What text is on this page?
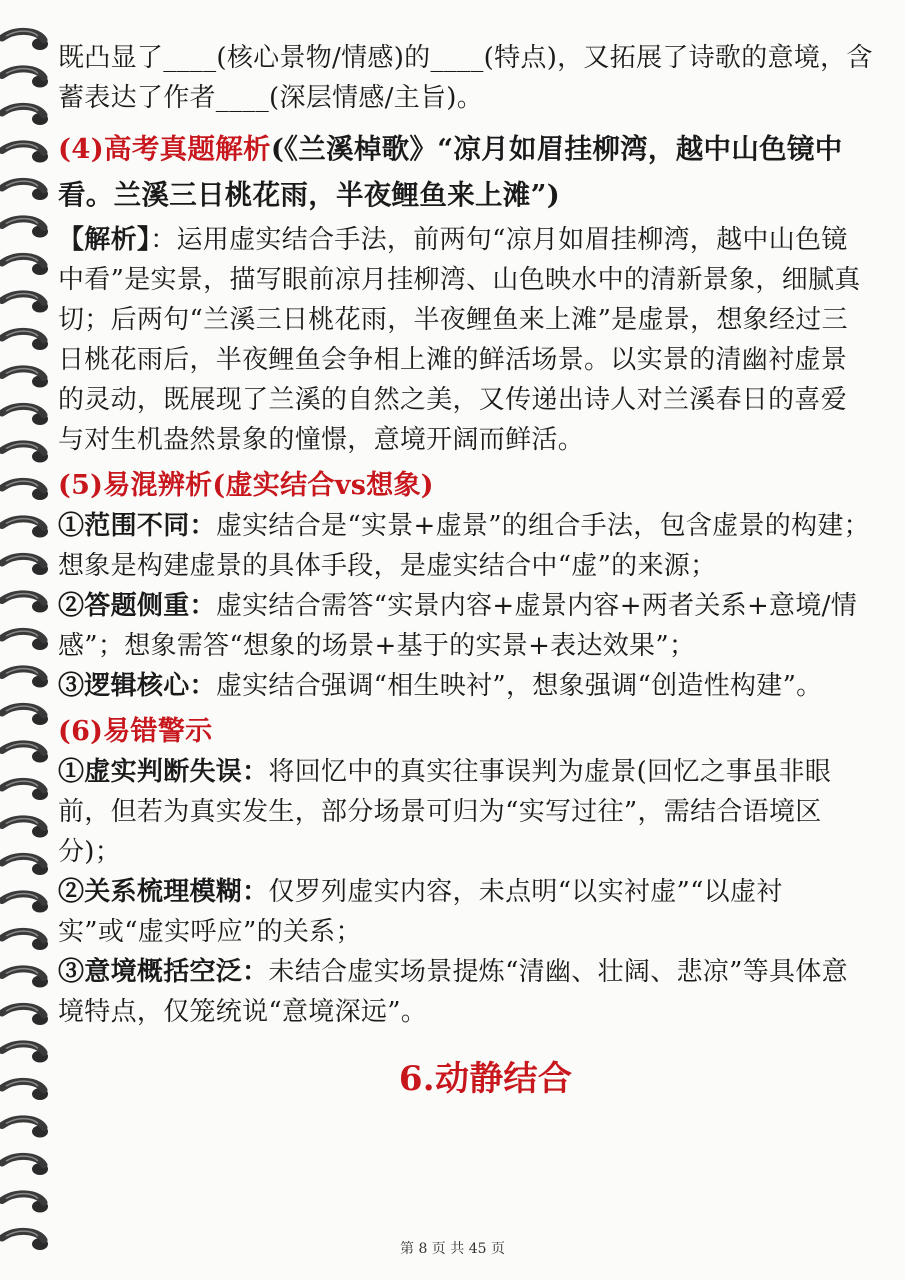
既凸显了____(核心景物/情感)的____(特点)，又拓展了诗歌的意境，含蓄表达了作者____(深层情感/主旨)。

(4)高考真题解析(《兰溪棹歌》“凉月如眉挂柳湾，越中山色镜中看。兰溪三日桃花雨，半夜鲤鱼来上滩”)

【解析】：运用虚实结合手法，前两句“凉月如眉挂柳湾，越中山色镜中看”是实景，描写眼前凉月挂柳湾、山色映水中的清新景象，细腻真切；后两句“兰溪三日桃花雨，半夜鲤鱼来上滩”是虚景，想象经过三日桃花雨后，半夜鲤鱼会争相上滩的鲜活场景。以实景的清幽衬虚景的灵动，既展现了兰溪的自然之美，又传递出诗人对兰溪春日的喜爱与对生机盎然景象的憧憬，意境开阔而鲜活。

(5)易混辨析(虚实结合vs想象)

①范围不同：虚实结合是“实景+虚景”的组合手法，包含虚景的构建；想象是构建虚景的具体手段，是虚实结合中“虚”的来源；

②答题侧重：虚实结合需答“实景内容+虚景内容+两者关系+意境/情感”；想象需答“想象的场景+基于的实景+表达效果”；

③逻辑核心：虚实结合强调“相生映衬”，想象强调“创造性构建”。

(6)易错警示

①虚实判断失误：将回忆中的真实往事误判为虚景(回忆之事虽非眼前，但若为真实发生，部分场景可归为“实写过往”，需结合语境区分)；

②关系梳理模糊：仅罗列虚实内容，未点明“以实衬虚”“以虚衬实”或“虚实呼应”的关系；

③意境概括空泛：未结合虚实场景提炼“清幽、壮阔、悲凉”等具体意境特点，仅笼统说“意境深远”。

6.动静结合
第 8 页 共 45 页
